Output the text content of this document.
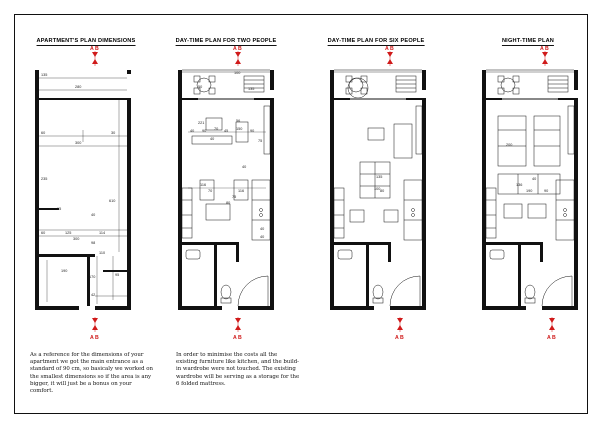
APARTMENT'S PLAN DIMENSIONS	DAY-TIME PLAN FOR TWO PEOPLE	DAY-TIME PLAN FOR SIX PEOPLE	NIGHT-TIME PLAN
135
280
60
300
30
235
15
610
60
40
125
300
98
110
114
190
170	95
42
50
100
135
221	56
40	70	150
90
40
45	90
75
40
116
70	116
75
80
40
40
135
80
100
200
136
40
190	90
A B	A B	A B	A B
A B	A B	A B	A B
As a reference for the dimensions of your
apartment we got the main entrance as a
standard of 90 cm, so basicaly we worked on
the smallest dimensions so if the area is any
bigger, it will just be a bonus on your
comfort.
In order to minimise the costs all the
existing furniture like kitchen, and the build-
in wardrobe were not touched. The existing
wardrobe will be serving as a storage for the
6 folded mattress.
